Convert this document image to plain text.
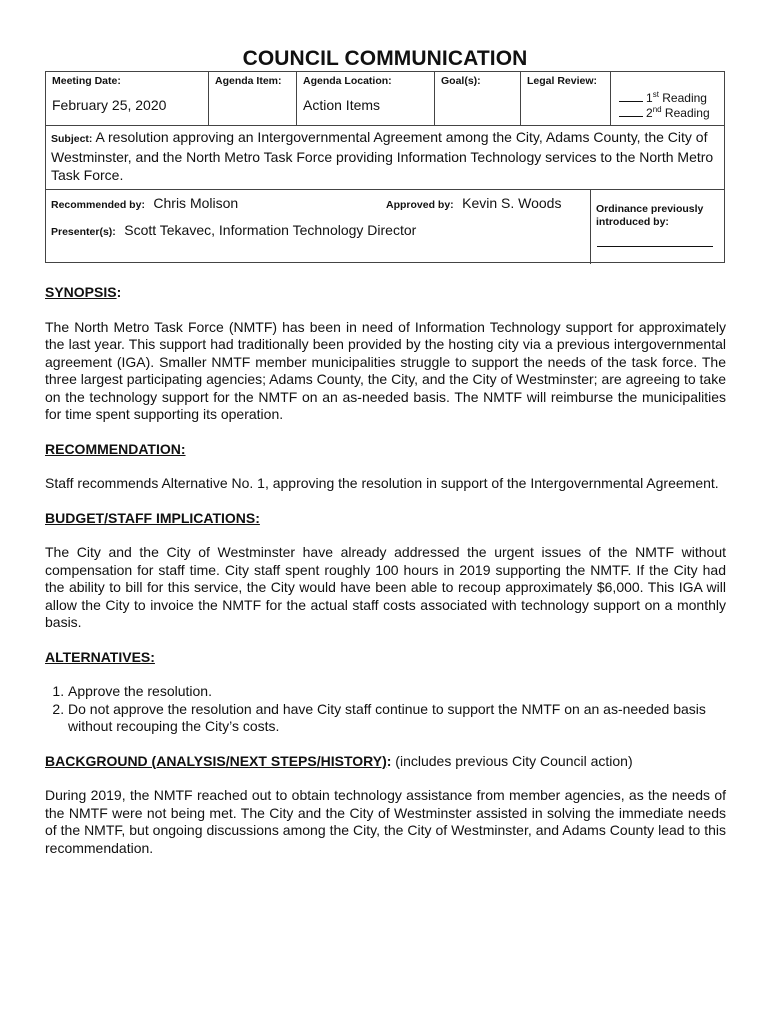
COUNCIL COMMUNICATION
Meeting Date:
February 25, 2020
Agenda Item: Agenda Location:
Action Items
Goal(s):	Legal Review:
1st Reading
2nd Reading
Subject: A resolution approving an Intergovernmental Agreement among the City, Adams County, the City of Westminster, and the North Metro Task Force providing Information Technology services to the North Metro Task Force.
Recommended by: Chris Molison	Approved by: Kevin S. Woods
Presenter(s): Scott Tekavec, Information Technology Director
Ordinance previously introduced by:
SYNOPSIS:

The North Metro Task Force (NMTF) has been in need of Information Technology support for approximately the last year. This support had traditionally been provided by the hosting city via a previous intergovernmental agreement (IGA). Smaller NMTF member municipalities struggle to support the needs of the task force. The three largest participating agencies; Adams County, the City, and the City of Westminster; are agreeing to take on the technology support for the NMTF on an as-needed basis. The NMTF will reimburse the municipalities for time spent supporting its operation.

RECOMMENDATION:

Staff recommends Alternative No. 1, approving the resolution in support of the Intergovernmental Agreement.

BUDGET/STAFF IMPLICATIONS:

The City and the City of Westminster have already addressed the urgent issues of the NMTF without compensation for staff time. City staff spent roughly 100 hours in 2019 supporting the NMTF. If the City had the ability to bill for this service, the City would have been able to recoup approximately $6,000. This IGA will allow the City to invoice the NMTF for the actual staff costs associated with technology support on a monthly basis.

ALTERNATIVES:
1. Approve the resolution.
2. Do not approve the resolution and have City staff continue to support the NMTF on an as-needed basis without recouping the City’s costs.

BACKGROUND (ANALYSIS/NEXT STEPS/HISTORY): (includes previous City Council action)

During 2019, the NMTF reached out to obtain technology assistance from member agencies, as the needs of the NMTF were not being met. The City and the City of Westminster assisted in solving the immediate needs of the NMTF, but ongoing discussions among the City, the City of Westminster, and Adams County lead to this recommendation.
